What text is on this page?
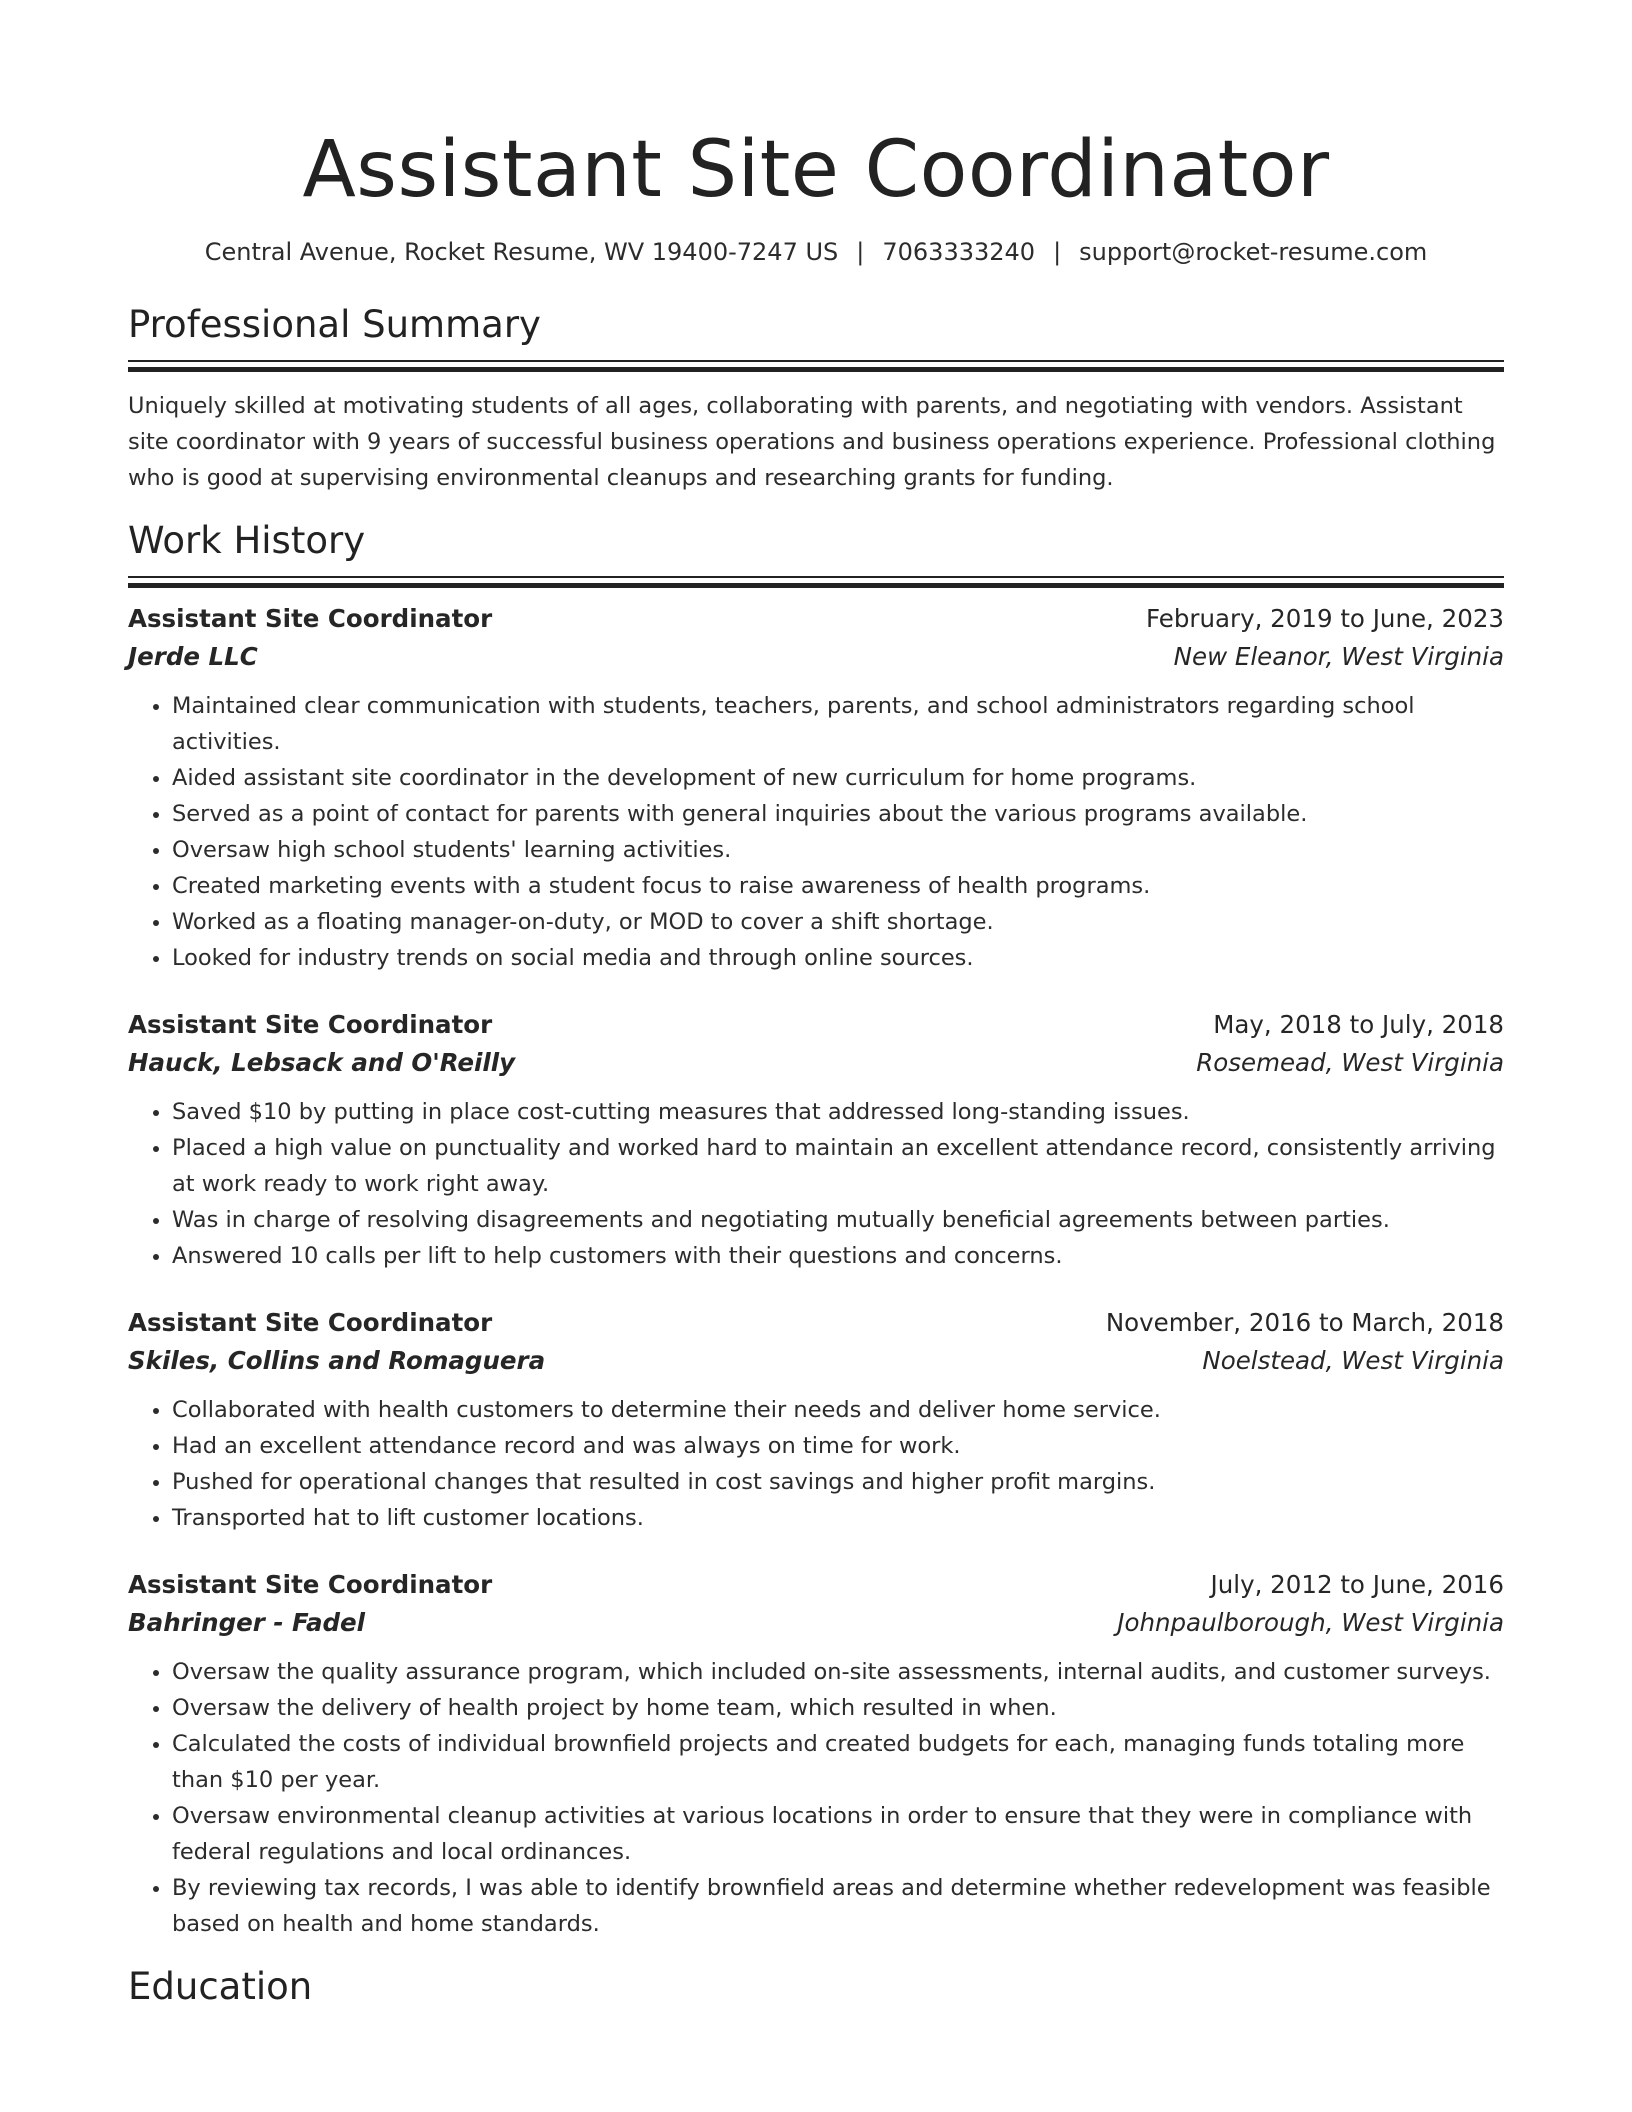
Assistant Site Coordinator
Central Avenue, Rocket Resume, WV 19400-7247 US | 7063333240 | support@rocket-resume.com
Professional Summary

Uniquely skilled at motivating students of all ages, collaborating with parents, and negotiating with vendors. Assistant site coordinator with 9 years of successful business operations and business operations experience. Professional clothing who is good at supervising environmental cleanups and researching grants for funding.

Work History
Assistant Site Coordinator	February, 2019 to June, 2023
Jerde LLC	New Eleanor, West Virginia
• Maintained clear communication with students, teachers, parents, and school administrators regarding school activities.
• Aided assistant site coordinator in the development of new curriculum for home programs.
• Served as a point of contact for parents with general inquiries about the various programs available.
• Oversaw high school students' learning activities.
• Created marketing events with a student focus to raise awareness of health programs.
• Worked as a floating manager-on-duty, or MOD to cover a shift shortage.
• Looked for industry trends on social media and through online sources.
Assistant Site Coordinator	May, 2018 to July, 2018
Hauck, Lebsack and O'Reilly	Rosemead, West Virginia
• Saved $10 by putting in place cost-cutting measures that addressed long-standing issues.
• Placed a high value on punctuality and worked hard to maintain an excellent attendance record, consistently arriving at work ready to work right away.
• Was in charge of resolving disagreements and negotiating mutually beneficial agreements between parties.
• Answered 10 calls per lift to help customers with their questions and concerns.
Assistant Site Coordinator	November, 2016 to March, 2018
Skiles, Collins and Romaguera	Noelstead, West Virginia
• Collaborated with health customers to determine their needs and deliver home service.
• Had an excellent attendance record and was always on time for work.
• Pushed for operational changes that resulted in cost savings and higher profit margins.
• Transported hat to lift customer locations.
Assistant Site Coordinator	July, 2012 to June, 2016
Bahringer - Fadel	Johnpaulborough, West Virginia
• Oversaw the quality assurance program, which included on-site assessments, internal audits, and customer surveys.
• Oversaw the delivery of health project by home team, which resulted in when.
• Calculated the costs of individual brownfield projects and created budgets for each, managing funds totaling more than $10 per year.
• Oversaw environmental cleanup activities at various locations in order to ensure that they were in compliance with federal regulations and local ordinances.
• By reviewing tax records, I was able to identify brownfield areas and determine whether redevelopment was feasible based on health and home standards.
Education
